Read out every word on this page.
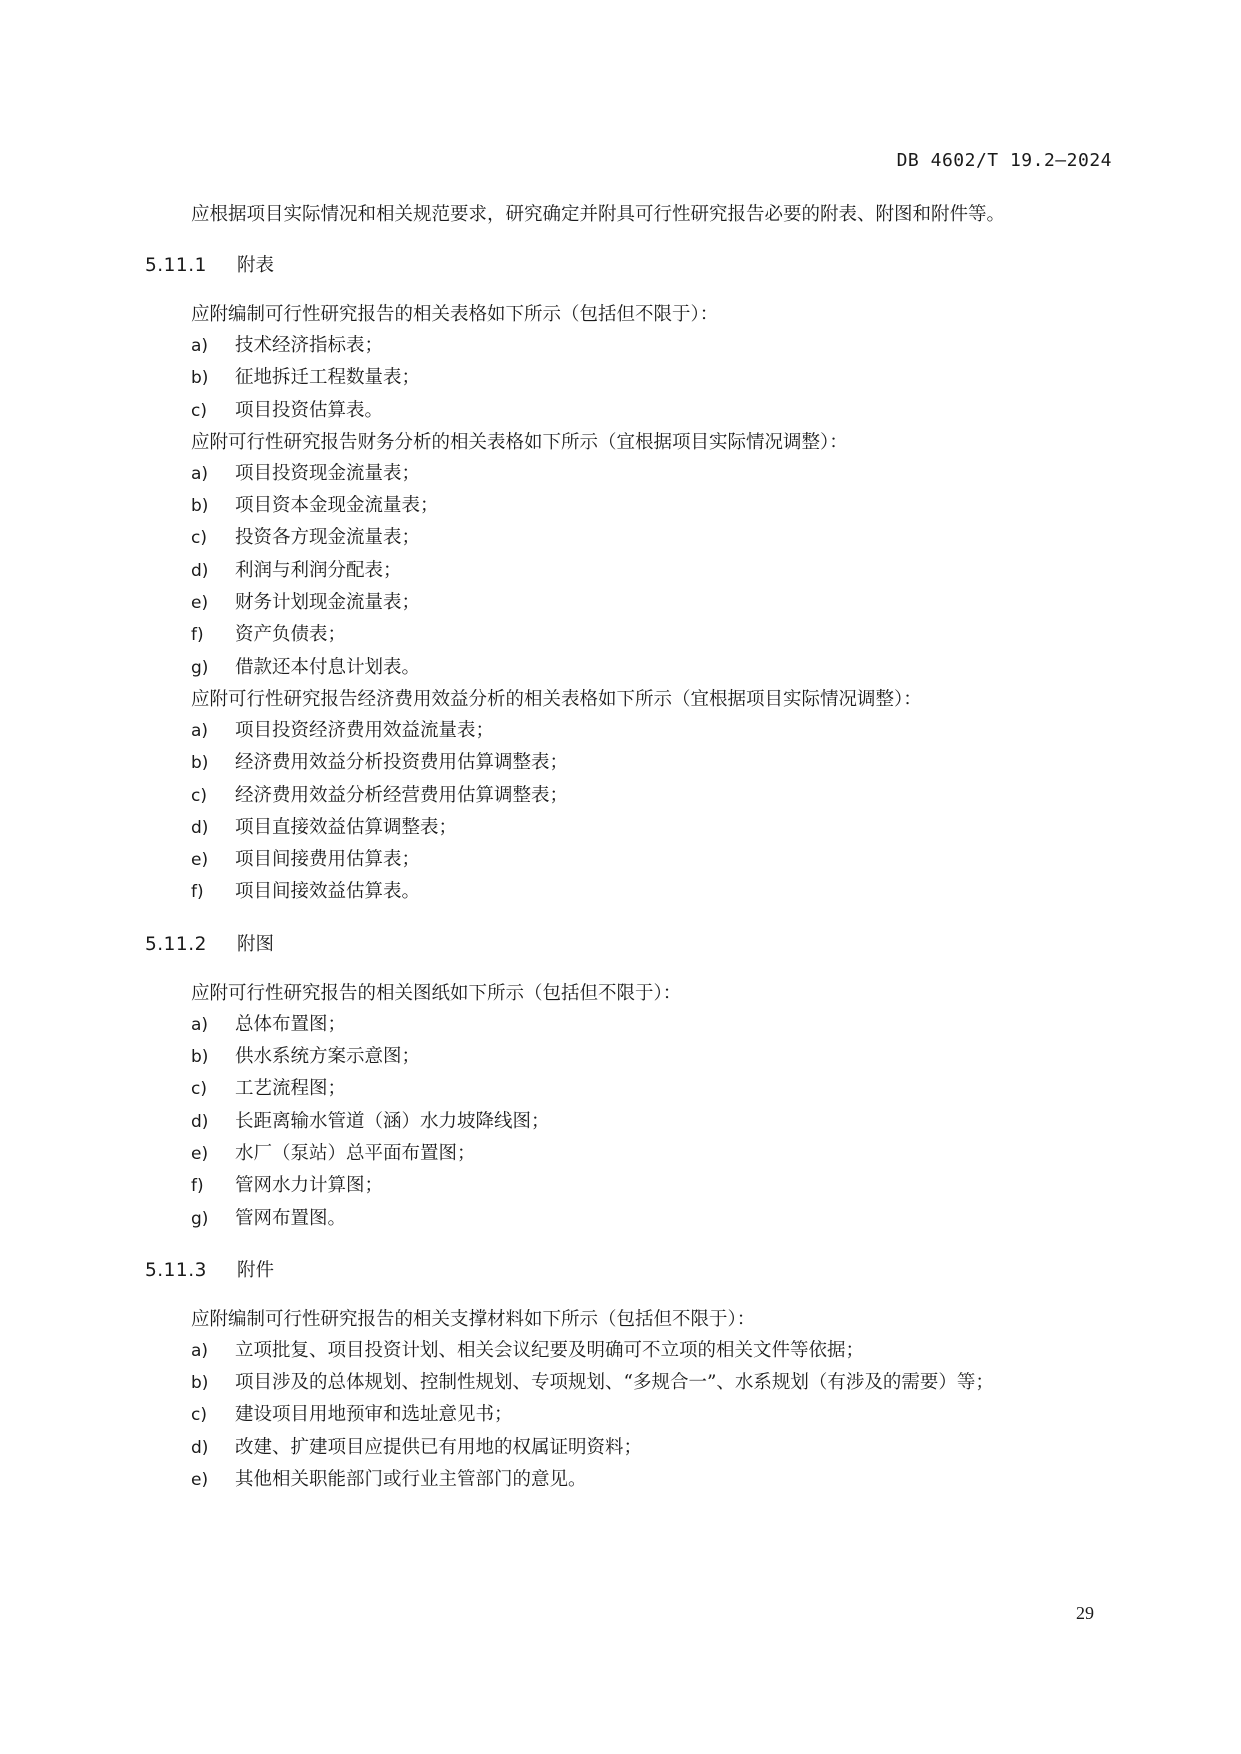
DB 4602/T 19.2—2024

应根据项目实际情况和相关规范要求，研究确定并附具可行性研究报告必要的附表、附图和附件等。

5.11.1	附表

应附编制可行性研究报告的相关表格如下所示（包括但不限于）：

a)	技术经济指标表；
b)	征地拆迁工程数量表；
c)	项目投资估算表。

应附可行性研究报告财务分析的相关表格如下所示（宜根据项目实际情况调整）：

a)	项目投资现金流量表；
b)	项目资本金现金流量表；
c)	投资各方现金流量表；
d)	利润与利润分配表；
e)	财务计划现金流量表；
f)	资产负债表；
g)	借款还本付息计划表。

应附可行性研究报告经济费用效益分析的相关表格如下所示（宜根据项目实际情况调整）：

a)	项目投资经济费用效益流量表；
b)	经济费用效益分析投资费用估算调整表；
c)	经济费用效益分析经营费用估算调整表；
d)	项目直接效益估算调整表；
e)	项目间接费用估算表；
f)	项目间接效益估算表。
5.11.2	附图

应附可行性研究报告的相关图纸如下所示（包括但不限于）：

a)	总体布置图；
b)	供水系统方案示意图；
c)	工艺流程图；
d)	长距离输水管道（涵）水力坡降线图；
e)	水厂（泵站）总平面布置图；
f)	管网水力计算图；
g)	管网布置图。
5.11.3	附件

应附编制可行性研究报告的相关支撑材料如下所示（包括但不限于）：

a)	立项批复、项目投资计划、相关会议纪要及明确可不立项的相关文件等依据；
b)	项目涉及的总体规划、控制性规划、专项规划、“多规合一”、水系规划（有涉及的需要）等；
c)	建设项目用地预审和选址意见书；
d)	改建、扩建项目应提供已有用地的权属证明资料；
e)	其他相关职能部门或行业主管部门的意见。
29
